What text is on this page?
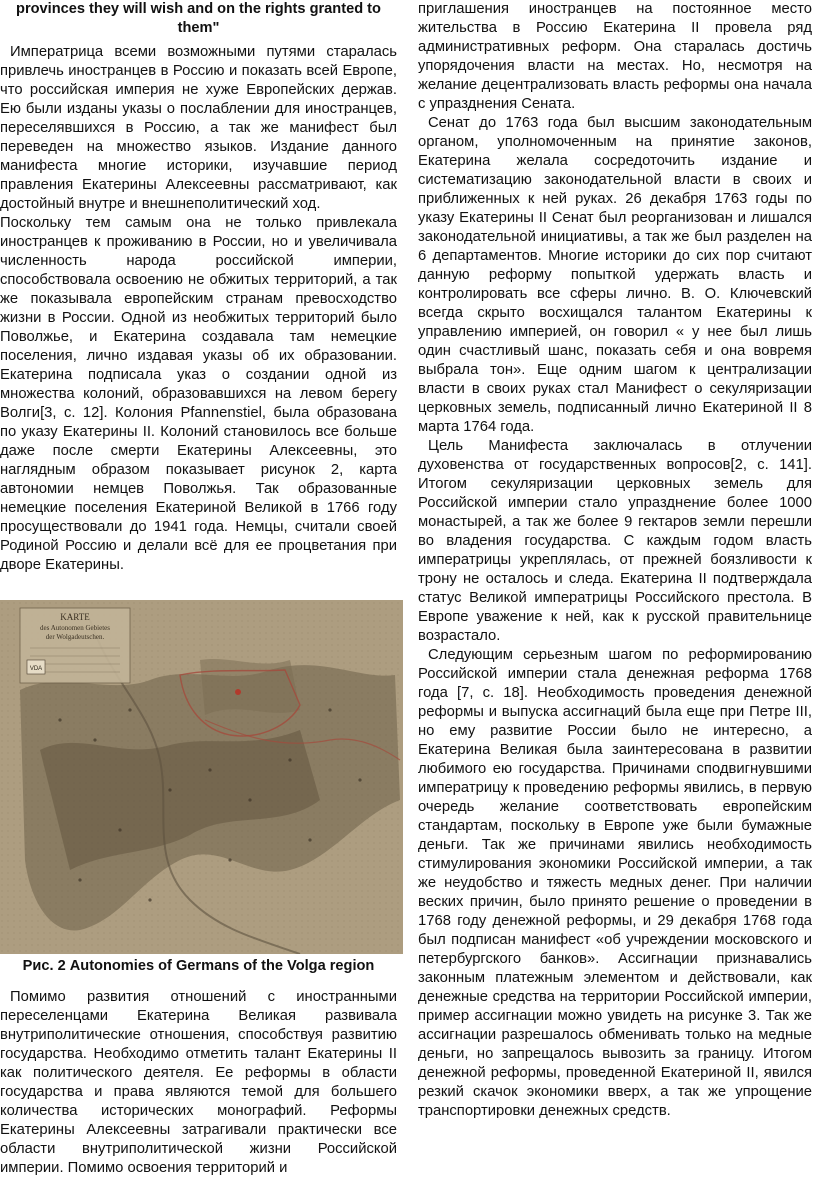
provinces they will wish and on the rights granted to them"

Императрица всеми возможными путями старалась привлечь иностранцев в Россию и показать всей Европе, что российская империя не хуже Европейских держав. Ею были изданы указы о послаблении для иностранцев, переселявшихся в Россию, а так же манифест был переведен на множество языков. Издание данного манифеста многие историки, изучавшие период правления Екатерины Алексеевны рассматривают, как достойный внутре и внешнеполитический ход.

Поскольку тем самым она не только привлекала иностранцев к проживанию в России, но и увеличивала численность народа российской империи, способствовала освоению не обжитых территорий, а так же показывала европейским странам превосходство жизни в России. Одной из необжитых территорий было Поволжье, и Екатерина создавала там немецкие поселения, лично издавая указы об их образовании. Екатерина подписала указ о создании одной из множества колоний, образовавшихся на левом берегу Волги[3, с. 12]. Колония Pfannenstiel, была образована по указу Екатерины II. Колоний становилось все больше даже после смерти Екатерины Алексеевны, это наглядным образом показывает рисунок 2, карта автономии немцев Поволжья. Так образованные немецкие поселения Екатериной Великой в 1766 году просуществовали до 1941 года. Немцы, считали своей Родиной Россию и делали всё для ее процветания при дворе Екатерины.

KARTE
des Autonomen Gebietes
der Wolgadeutschen.
VDA
Рис. 2 Autonomies of Germans of the Volga region

Помимо развития отношений с иностранными переселенцами Екатерина Великая развивала внутриполитические отношения, способствуя развитию государства. Необходимо отметить талант Екатерины II как политического деятеля. Ее реформы в области государства и права являются темой для большего количества исторических монографий. Реформы Екатерины Алексеевны затрагивали практически все области внутриполитической жизни Российской империи. Помимо освоения территорий и

приглашения иностранцев на постоянное место жительства в Россию Екатерина II провела ряд административных реформ. Она старалась достичь упорядочения власти на местах. Но, несмотря на желание децентрализовать власть реформы она начала с упразднения Сената.

Сенат до 1763 года был высшим законодательным органом, уполномоченным на принятие законов, Екатерина желала сосредоточить издание и систематизацию законодательной власти в своих и приближенных к ней руках. 26 декабря 1763 годы по указу Екатерины II Сенат был реорганизован и лишался законодательной инициативы, а так же был разделен на 6 департаментов. Многие историки до сих пор считают данную реформу попыткой удержать власть и контролировать все сферы лично. В. О. Ключевский всегда скрыто восхищался талантом Екатерины к управлению империей, он говорил « у нее был лишь один счастливый шанс, показать себя и она вовремя выбрала тон». Еще одним шагом к централизации власти в своих руках стал Манифест о секуляризации церковных земель, подписанный лично Екатериной II 8 марта 1764 года.

Цель Манифеста заключалась в отлучении духовенства от государственных вопросов[2, с. 141]. Итогом секуляризации церковных земель для Российской империи стало упразднение более 1000 монастырей, а так же более 9 гектаров земли перешли во владения государства. С каждым годом власть императрицы укреплялась, от прежней боязливости к трону не осталось и следа. Екатерина II подтверждала статус Великой императрицы Российского престола. В Европе уважение к ней, как к русской правительнице возрастало.

Следующим серьезным шагом по реформированию Российской империи стала денежная реформа 1768 года [7, с. 18]. Необходимость проведения денежной реформы и выпуска ассигнаций была еще при Петре III, но ему развитие России было не интересно, а Екатерина Великая была заинтересована в развитии любимого ею государства. Причинами сподвигнувшими императрицу к проведению реформы явились, в первую очередь желание соответствовать европейским стандартам, поскольку в Европе уже были бумажные деньги. Так же причинами явились необходимость стимулирования экономики Российской империи, а так же неудобство и тяжесть медных денег. При наличии веских причин, было принято решение о проведении в 1768 году денежной реформы, и 29 декабря 1768 года был подписан манифест «об учреждении московского и петербургского банков». Ассигнации признавались законным платежным элементом и действовали, как денежные средства на территории Российской империи, пример ассигнации можно увидеть на рисунке 3. Так же ассигнации разрешалось обменивать только на медные деньги, но запрещалось вывозить за границу. Итогом денежной реформы, проведенной Екатериной II, явился резкий скачок экономики вверх, а так же упрощение транспортировки денежных средств.
